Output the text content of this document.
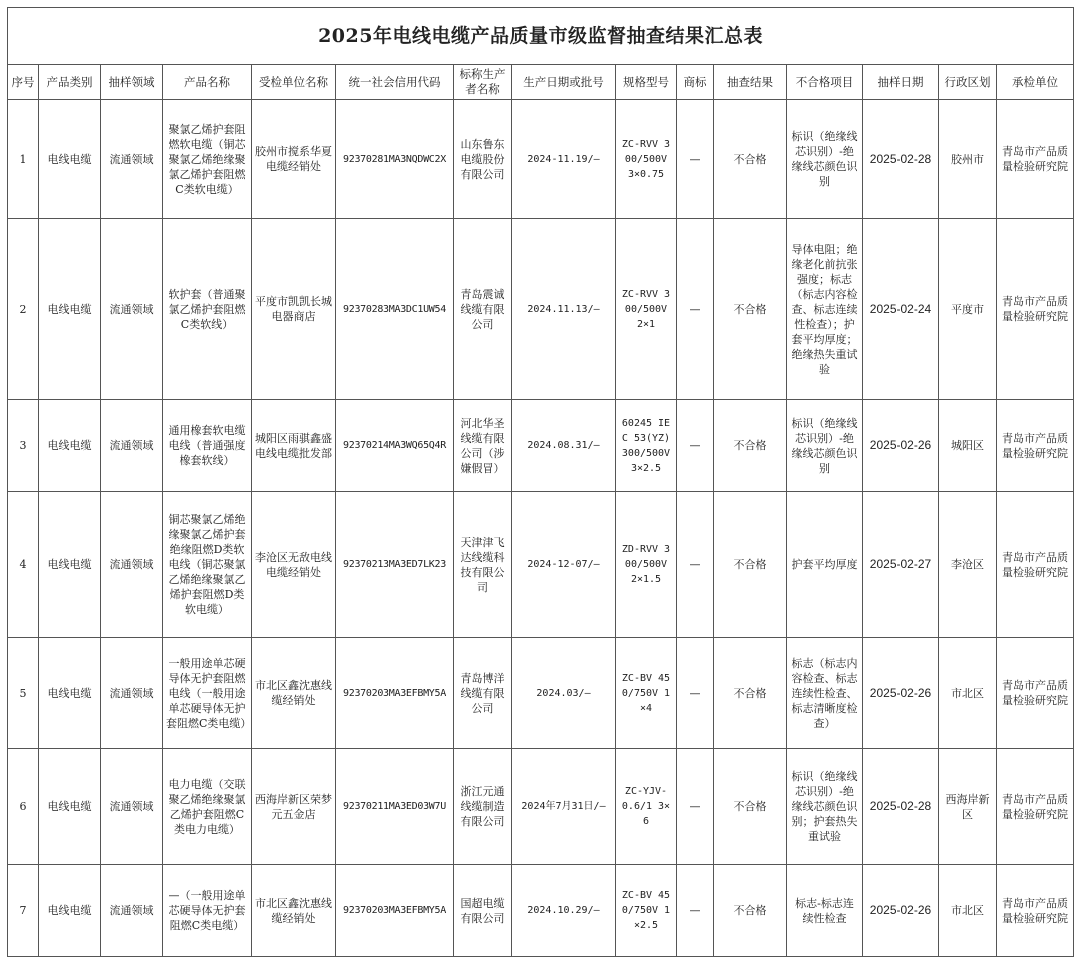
2025年电线电缆产品质量市级监督抽查结果汇总表														
序号	产品类别	抽样领域	产品名称	受检单位名称	统一社会信用代码	标称生产者名称	生产日期或批号	规格型号	商标	抽查结果	不合格项目	抽样日期	行政区划	承检单位
1	电线电缆	流通领域	聚氯乙烯护套阻燃软电缆（铜芯聚氯乙烯绝缘聚氯乙烯护套阻燃C类软电缆）	胶州市搅系华夏电缆经销处	92370281MA3NQDWC2X	山东鲁东电缆股份有限公司	2024-11.19/—	ZC-RVV 300/500V 3×0.75	—	不合格	标识（绝缘线芯识别）-绝缘线芯颜色识别	2025-02-28	胶州市	青岛市产品质量检验研究院
2	电线电缆	流通领域	软护套（普通聚氯乙烯护套阻燃C类软线）	平度市凯凯长城电器商店	92370283MA3DC1UW54	青岛震诚线缆有限公司	2024.11.13/—	ZC-RVV 300/500V 2×1	—	不合格	导体电阻；绝缘老化前抗张强度；标志（标志内容检查、标志连续性检查）；护套平均厚度；绝缘热失重试验	2025-02-24	平度市	青岛市产品质量检验研究院
3	电线电缆	流通领域	通用橡套软电缆电线（普通强度橡套软线）	城阳区雨骐鑫盛电线电缆批发部	92370214MA3WQ65Q4R	河北华圣线缆有限公司（涉嫌假冒）	2024.08.31/—	60245 IEC 53(YZ) 300/500V 3×2.5	—	不合格	标识（绝缘线芯识别）-绝缘线芯颜色识别	2025-02-26	城阳区	青岛市产品质量检验研究院
4	电线电缆	流通领域	铜芯聚氯乙烯绝缘聚氯乙烯护套绝缘阻燃D类软电线（铜芯聚氯乙烯绝缘聚氯乙烯护套阻燃D类软电缆）	李沧区无敌电线电缆经销处	92370213MA3ED7LK23	天津津飞达线缆科技有限公司	2024-12-07/—	ZD-RVV 300/500V 2×1.5	—	不合格	护套平均厚度	2025-02-27	李沧区	青岛市产品质量检验研究院
5	电线电缆	流通领域	一般用途单芯硬导体无护套阻燃电线（一般用途单芯硬导体无护套阻燃C类电缆）	市北区鑫沈惠线缆经销处	92370203MA3EFBMY5A	青岛博洋线缆有限公司	2024.03/—	ZC-BV 450/750V 1×4	—	不合格	标志（标志内容检查、标志连续性检查、标志清晰度检查）	2025-02-26	市北区	青岛市产品质量检验研究院
6	电线电缆	流通领域	电力电缆（交联聚乙烯绝缘聚氯乙烯护套阻燃C类电力电缆）	西海岸新区荣梦元五金店	92370211MA3ED03W7U	浙江元通线缆制造有限公司	2024年7月31日/—	ZC-YJV-0.6/1 3×6	—	不合格	标识（绝缘线芯识别）-绝缘线芯颜色识别；护套热失重试验	2025-02-28	西海岸新区	青岛市产品质量检验研究院
7	电线电缆	流通领域	—（一般用途单芯硬导体无护套阻燃C类电缆）	市北区鑫沈惠线缆经销处	92370203MA3EFBMY5A	国超电缆有限公司	2024.10.29/—	ZC-BV 450/750V 1×2.5	—	不合格	标志-标志连续性检查	2025-02-26	市北区	青岛市产品质量检验研究院
